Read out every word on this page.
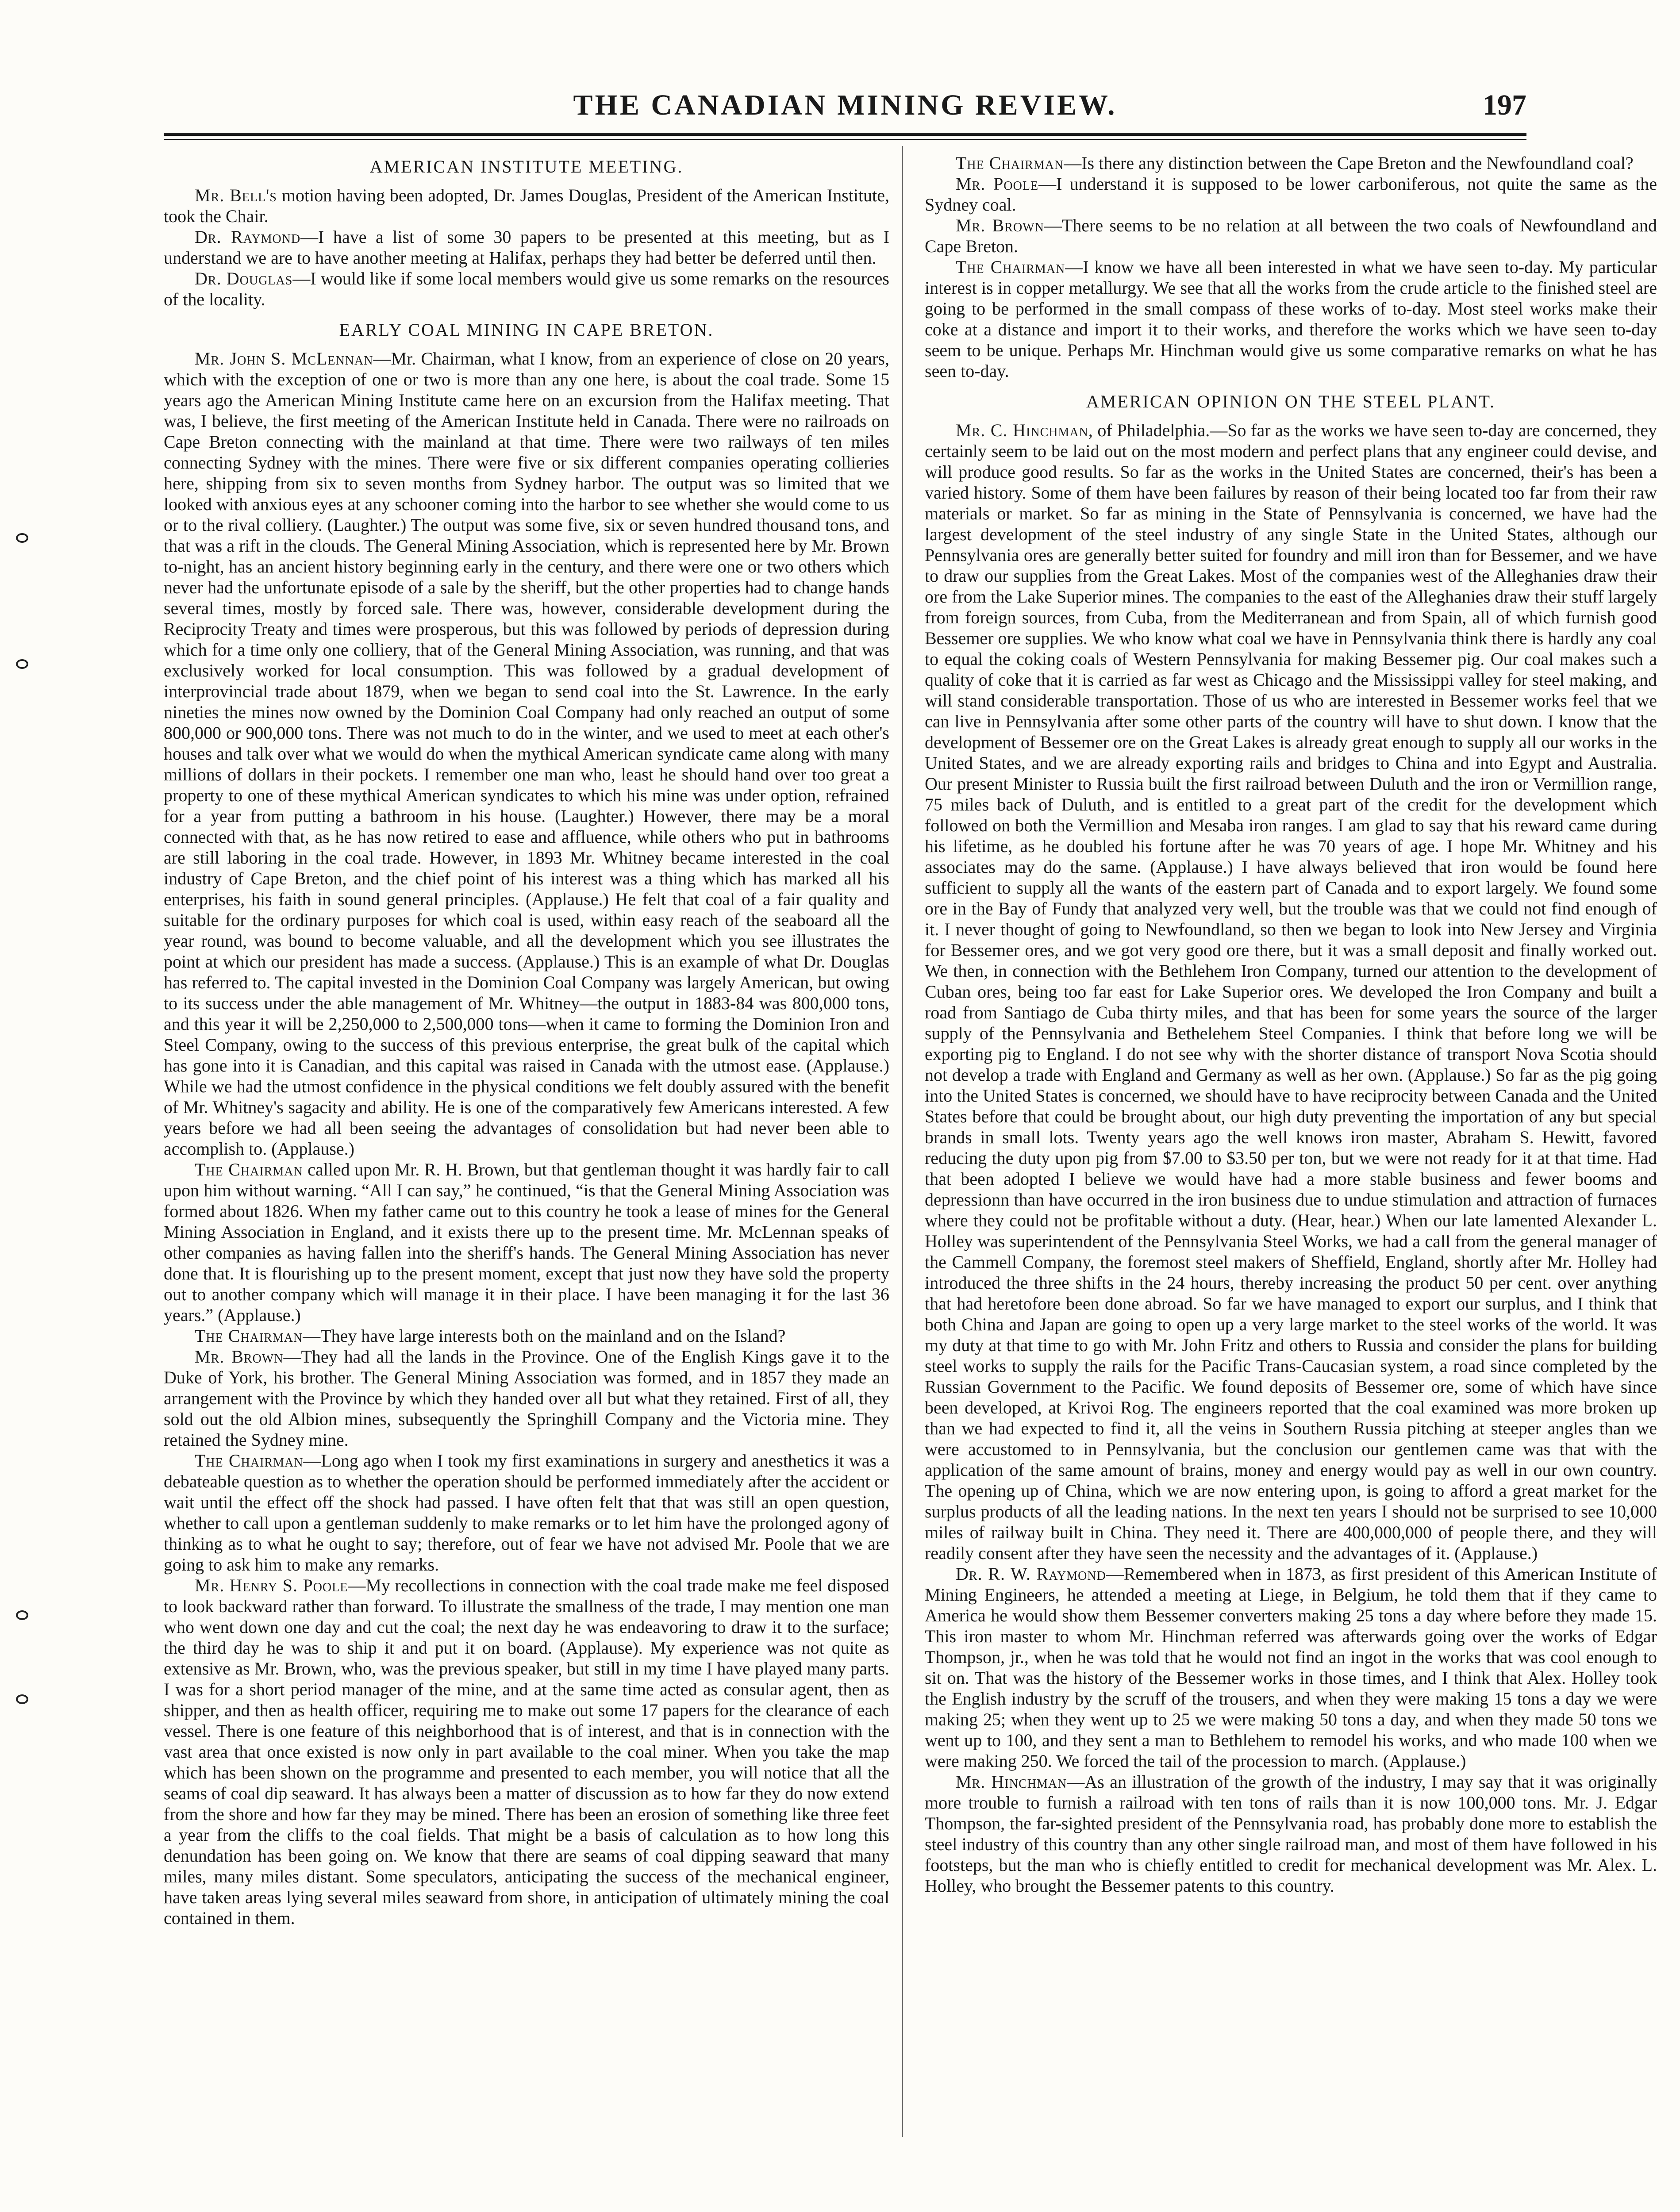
THE CANADIAN MINING REVIEW.	197
AMERICAN INSTITUTE MEETING.

Mr. Bell's motion having been adopted, Dr. James Douglas, President of the American Institute, took the Chair.

Dr. Raymond—I have a list of some 30 papers to be presented at this meeting, but as I understand we are to have another meeting at Halifax, perhaps they had better be deferred until then.

Dr. Douglas—I would like if some local members would give us some remarks on the resources of the locality.

EARLY COAL MINING IN CAPE BRETON.

Mr. John S. McLennan—Mr. Chairman, what I know, from an experience of close on 20 years, which with the exception of one or two is more than any one here, is about the coal trade. Some 15 years ago the American Mining Institute came here on an excursion from the Halifax meeting. That was, I believe, the first meeting of the American Institute held in Canada. There were no railroads on Cape Breton connecting with the mainland at that time. There were two railways of ten miles connecting Sydney with the mines. There were five or six different companies operating collieries here, shipping from six to seven months from Sydney harbor. The output was so limited that we looked with anxious eyes at any schooner coming into the harbor to see whether she would come to us or to the rival colliery. (Laughter.) The output was some five, six or seven hundred thousand tons, and that was a rift in the clouds. The General Mining Association, which is represented here by Mr. Brown to-night, has an ancient history beginning early in the century, and there were one or two others which never had the unfortunate episode of a sale by the sheriff, but the other properties had to change hands several times, mostly by forced sale. There was, however, considerable development during the Reciprocity Treaty and times were prosperous, but this was followed by periods of depression during which for a time only one colliery, that of the General Mining Association, was running, and that was exclusively worked for local consumption. This was followed by a gradual development of interprovincial trade about 1879, when we began to send coal into the St. Lawrence. In the early nineties the mines now owned by the Dominion Coal Company had only reached an output of some 800,000 or 900,000 tons. There was not much to do in the winter, and we used to meet at each other's houses and talk over what we would do when the mythical American syndicate came along with many millions of dollars in their pockets. I remember one man who, least he should hand over too great a property to one of these mythical American syndicates to which his mine was under option, refrained for a year from putting a bathroom in his house. (Laughter.) However, there may be a moral connected with that, as he has now retired to ease and affluence, while others who put in bathrooms are still laboring in the coal trade. However, in 1893 Mr. Whitney became interested in the coal industry of Cape Breton, and the chief point of his interest was a thing which has marked all his enterprises, his faith in sound general principles. (Applause.) He felt that coal of a fair quality and suitable for the ordinary purposes for which coal is used, within easy reach of the seaboard all the year round, was bound to become valuable, and all the development which you see illustrates the point at which our president has made a success. (Applause.) This is an example of what Dr. Douglas has referred to. The capital invested in the Dominion Coal Company was largely American, but owing to its success under the able management of Mr. Whitney—the output in 1883-84 was 800,000 tons, and this year it will be 2,250,000 to 2,500,000 tons—when it came to forming the Dominion Iron and Steel Company, owing to the success of this previous enterprise, the great bulk of the capital which has gone into it is Canadian, and this capital was raised in Canada with the utmost ease. (Applause.) While we had the utmost confidence in the physical conditions we felt doubly assured with the benefit of Mr. Whitney's sagacity and ability. He is one of the comparatively few Americans interested. A few years before we had all been seeing the advantages of consolidation but had never been able to accomplish to. (Applause.)

The Chairman called upon Mr. R. H. Brown, but that gentleman thought it was hardly fair to call upon him without warning. “All I can say,” he continued, “is that the General Mining Association was formed about 1826. When my father came out to this country he took a lease of mines for the General Mining Association in England, and it exists there up to the present time. Mr. McLennan speaks of other companies as having fallen into the sheriff's hands. The General Mining Association has never done that. It is flourishing up to the present moment, except that just now they have sold the property out to another company which will manage it in their place. I have been managing it for the last 36 years.” (Applause.)

The Chairman—They have large interests both on the mainland and on the Island?

Mr. Brown—They had all the lands in the Province. One of the English Kings gave it to the Duke of York, his brother. The General Mining Association was formed, and in 1857 they made an arrangement with the Province by which they handed over all but what they retained. First of all, they sold out the old Albion mines, subsequently the Springhill Company and the Victoria mine. They retained the Sydney mine.

The Chairman—Long ago when I took my first examinations in surgery and anesthetics it was a debateable question as to whether the operation should be performed immediately after the accident or wait until the effect off the shock had passed. I have often felt that that was still an open question, whether to call upon a gentleman suddenly to make remarks or to let him have the prolonged agony of thinking as to what he ought to say; therefore, out of fear we have not advised Mr. Poole that we are going to ask him to make any remarks.

Mr. Henry S. Poole—My recollections in connection with the coal trade make me feel disposed to look backward rather than forward. To illustrate the smallness of the trade, I may mention one man who went down one day and cut the coal; the next day he was endeavoring to draw it to the surface; the third day he was to ship it and put it on board. (Applause). My experience was not quite as extensive as Mr. Brown, who, was the previous speaker, but still in my time I have played many parts. I was for a short period manager of the mine, and at the same time acted as consular agent, then as shipper, and then as health officer, requiring me to make out some 17 papers for the clearance of each vessel. There is one feature of this neighborhood that is of interest, and that is in connection with the vast area that once existed is now only in part available to the coal miner. When you take the map which has been shown on the programme and presented to each member, you will notice that all the seams of coal dip seaward. It has always been a matter of discussion as to how far they do now extend from the shore and how far they may be mined. There has been an erosion of something like three feet a year from the cliffs to the coal fields. That might be a basis of calculation as to how long this denundation has been going on. We know that there are seams of coal dipping seaward that many miles, many miles distant. Some speculators, anticipating the success of the mechanical engineer, have taken areas lying several miles seaward from shore, in anticipation of ultimately mining the coal contained in them.

The Chairman—Is there any distinction between the Cape Breton and the Newfoundland coal?

Mr. Poole—I understand it is supposed to be lower carboniferous, not quite the same as the Sydney coal.

Mr. Brown—There seems to be no relation at all between the two coals of Newfoundland and Cape Breton.

The Chairman—I know we have all been interested in what we have seen to-day. My particular interest is in copper metallurgy. We see that all the works from the crude article to the finished steel are going to be performed in the small compass of these works of to-day. Most steel works make their coke at a distance and import it to their works, and therefore the works which we have seen to-day seem to be unique. Perhaps Mr. Hinchman would give us some comparative remarks on what he has seen to-day.

AMERICAN OPINION ON THE STEEL PLANT.

Mr. C. Hinchman, of Philadelphia.—So far as the works we have seen to-day are concerned, they certainly seem to be laid out on the most modern and perfect plans that any engineer could devise, and will produce good results. So far as the works in the United States are concerned, their's has been a varied history. Some of them have been failures by reason of their being located too far from their raw materials or market. So far as mining in the State of Pennsylvania is concerned, we have had the largest development of the steel industry of any single State in the United States, although our Pennsylvania ores are generally better suited for foundry and mill iron than for Bessemer, and we have to draw our supplies from the Great Lakes. Most of the companies west of the Alleghanies draw their ore from the Lake Superior mines. The companies to the east of the Alleghanies draw their stuff largely from foreign sources, from Cuba, from the Mediterranean and from Spain, all of which furnish good Bessemer ore supplies. We who know what coal we have in Pennsylvania think there is hardly any coal to equal the coking coals of Western Pennsylvania for making Bessemer pig. Our coal makes such a quality of coke that it is carried as far west as Chicago and the Mississippi valley for steel making, and will stand considerable transportation. Those of us who are interested in Bessemer works feel that we can live in Pennsylvania after some other parts of the country will have to shut down. I know that the development of Bessemer ore on the Great Lakes is already great enough to supply all our works in the United States, and we are already exporting rails and bridges to China and into Egypt and Australia. Our present Minister to Russia built the first railroad between Duluth and the iron or Vermillion range, 75 miles back of Duluth, and is entitled to a great part of the credit for the development which followed on both the Vermillion and Mesaba iron ranges. I am glad to say that his reward came during his lifetime, as he doubled his fortune after he was 70 years of age. I hope Mr. Whitney and his associates may do the same. (Applause.) I have always believed that iron would be found here sufficient to supply all the wants of the eastern part of Canada and to export largely. We found some ore in the Bay of Fundy that analyzed very well, but the trouble was that we could not find enough of it. I never thought of going to Newfoundland, so then we began to look into New Jersey and Virginia for Bessemer ores, and we got very good ore there, but it was a small deposit and finally worked out. We then, in connection with the Bethlehem Iron Company, turned our attention to the development of Cuban ores, being too far east for Lake Superior ores. We developed the Iron Company and built a road from Santiago de Cuba thirty miles, and that has been for some years the source of the larger supply of the Pennsylvania and Bethelehem Steel Companies. I think that before long we will be exporting pig to England. I do not see why with the shorter distance of transport Nova Scotia should not develop a trade with England and Germany as well as her own. (Applause.) So far as the pig going into the United States is concerned, we should have to have reciprocity between Canada and the United States before that could be brought about, our high duty preventing the importation of any but special brands in small lots. Twenty years ago the well knows iron master, Abraham S. Hewitt, favored reducing the duty upon pig from $7.00 to $3.50 per ton, but we were not ready for it at that time. Had that been adopted I believe we would have had a more stable business and fewer booms and depressionn than have occurred in the iron business due to undue stimulation and attraction of furnaces where they could not be profitable without a duty. (Hear, hear.) When our late lamented Alexander L. Holley was superintendent of the Pennsylvania Steel Works, we had a call from the general manager of the Cammell Company, the foremost steel makers of Sheffield, England, shortly after Mr. Holley had introduced the three shifts in the 24 hours, thereby increasing the product 50 per cent. over anything that had heretofore been done abroad. So far we have managed to export our surplus, and I think that both China and Japan are going to open up a very large market to the steel works of the world. It was my duty at that time to go with Mr. John Fritz and others to Russia and consider the plans for building steel works to supply the rails for the Pacific Trans-Caucasian system, a road since completed by the Russian Government to the Pacific. We found deposits of Bessemer ore, some of which have since been developed, at Krivoi Rog. The engineers reported that the coal examined was more broken up than we had expected to find it, all the veins in Southern Russia pitching at steeper angles than we were accustomed to in Pennsylvania, but the conclusion our gentlemen came was that with the application of the same amount of brains, money and energy would pay as well in our own country. The opening up of China, which we are now entering upon, is going to afford a great market for the surplus products of all the leading nations. In the next ten years I should not be surprised to see 10,000 miles of railway built in China. They need it. There are 400,000,000 of people there, and they will readily consent after they have seen the necessity and the advantages of it. (Applause.)

Dr. R. W. Raymond—Remembered when in 1873, as first president of this American Institute of Mining Engineers, he attended a meeting at Liege, in Belgium, he told them that if they came to America he would show them Bessemer converters making 25 tons a day where before they made 15. This iron master to whom Mr. Hinchman referred was afterwards going over the works of Edgar Thompson, jr., when he was told that he would not find an ingot in the works that was cool enough to sit on. That was the history of the Bessemer works in those times, and I think that Alex. Holley took the English industry by the scruff of the trousers, and when they were making 15 tons a day we were making 25; when they went up to 25 we were making 50 tons a day, and when they made 50 tons we went up to 100, and they sent a man to Bethlehem to remodel his works, and who made 100 when we were making 250. We forced the tail of the procession to march. (Applause.)

Mr. Hinchman—As an illustration of the growth of the industry, I may say that it was originally more trouble to furnish a railroad with ten tons of rails than it is now 100,000 tons. Mr. J. Edgar Thompson, the far-sighted president of the Pennsylvania road, has probably done more to establish the steel industry of this country than any other single railroad man, and most of them have followed in his footsteps, but the man who is chiefly entitled to credit for mechanical development was Mr. Alex. L. Holley, who brought the Bessemer patents to this country.
